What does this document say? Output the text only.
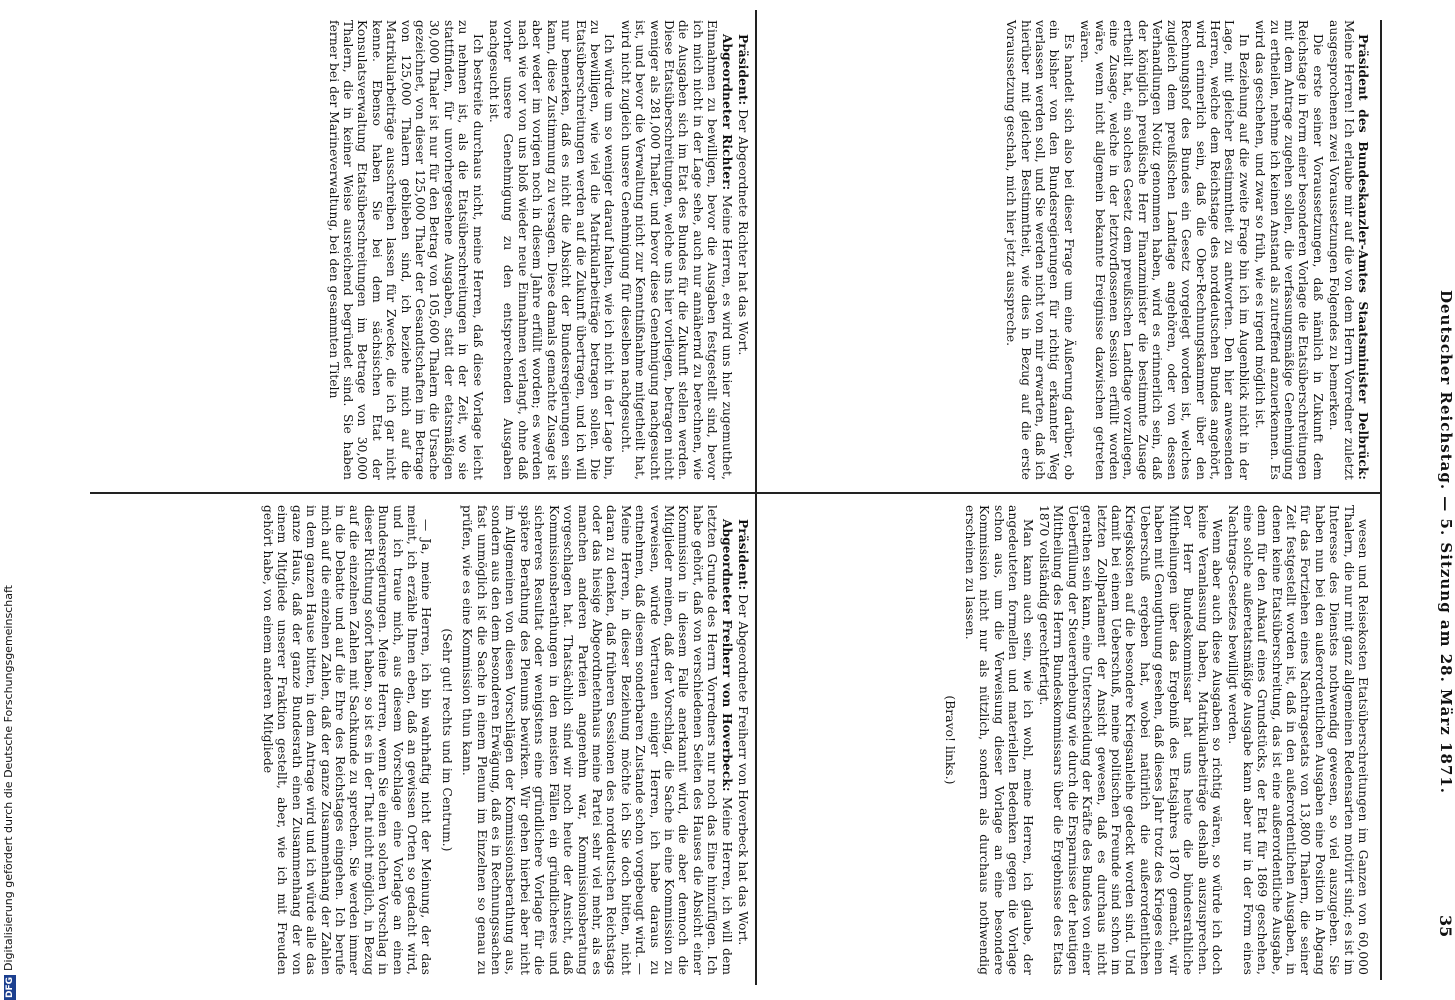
Deutscher Reichstag. — 5. Sitzung am 28. März 1871.
35

Präsident des Bundeskanzler-Amtes Staatsminister Delbrück: Meine Herren! Ich erlaube mir auf die von dem Herrn Vorredner zuletzt ausgesprochenen zwei Voraussetzungen Folgendes zu bemerken.

Die erste seiner Voraussetzungen, daß nämlich in Zukunft dem Reichstage in Form einer besonderen Vorlage die Etatsüberschreitungen mit dem Antrage zugehen sollen, die verfassungsmäßige Genehmigung zu ertheilen, nehme ich keinen Anstand als zutreffend anzuerkennen. Es wird das geschehen, und zwar so früh, wie es irgend möglich ist.

In Beziehung auf die zweite Frage bin ich im Augenblick nicht in der Lage, mit gleicher Bestimmtheit zu antworten. Den hier anwesenden Herren, welche dem Reichstage des norddeutschen Bundes angehört, wird erinnerlich sein, daß die Ober-Rechnungskammer über den Rechnungshof des Bundes ein Gesetz vorgelegt worden ist, welches zugleich dem preußischen Landtage angehören, oder von dessen Verhandlungen Notiz genommen haben, wird es erinnerlich sein, daß der königlich preußische Herr Finanzminister die bestimmte Zusage ertheilt hat, ein solches Gesetz dem preußischen Landtage vorzulegen, eine Zusage, welche in der letztvorflossenen Session erfüllt worden wäre, wenn nicht allgemein bekannte Ereignisse dazwischen getreten wären.

Es handelt sich also bei dieser Frage um eine Äußerung darüber, ob ein bisher von den Bundesregierungen für richtig erkannter Weg verlassen werden soll, und Sie werden nicht von mir erwarten, daß ich hierüber mit gleicher Bestimmtheit, wie dies in Bezug auf die erste Voraussetzung geschah, mich hier jetzt ausspreche.

Präsident: Der Abgeordnete Richter hat das Wort.

Abgeordneter Richter: Meine Herren, es wird uns hier zugemuthet, Einnahmen zu bewilligen, bevor die Ausgaben festgestellt sind, bevor ich mich nicht in der Lage sehe, auch nur annähernd zu berechnen, wie die Ausgaben sich im Etat des Bundes für die Zukunft stellen werden. Diese Etatsüberschreitungen, welche uns hier vorliegen, betragen nicht weniger als 281,000 Thaler, und bevor diese Genehmigung nachgesucht ist, und bevor die Verwaltung nicht zur Kenntnißnahme mitgetheilt hat, wird nicht zugleich unsere Genehmigung für dieselben nachgesucht.

Ich würde um so weniger darauf halten, wie ich nicht in der Lage bin, zu bewilligen, wie viel die Matrikularbeiträge betragen sollen. Die Etatsüberschreitungen werden auf die Zukunft übertragen, und ich will nur bemerken, daß es nicht die Absicht der Bundesregierungen sein kann, diese Zustimmung zu versagen. Diese damals gemachte Zusage ist aber weder im vorigen noch in diesem Jahre erfüllt worden; es werden nach wie vor von uns bloß wieder neue Einnahmen verlangt, ohne daß vorher unsere Genehmigung zu den entsprechenden Ausgaben nachgesucht ist.

Ich bestreite durchaus nicht, meine Herren, daß diese Vorlage leicht zu nehmen ist, als die Etatsüberschreitungen in der Zeit, wo sie stattfinden, für unvorhergesehene Ausgaben, statt der etatsmäßigen 30,000 Thaler ist nur für den Betrag von 105,600 Thalern die Ursache gezeichnet, von dieser 125,000 Thaler der Gesandtschaften im Betrage von 125,000 Thalern geblieben sind, ich beziehe mich auf die Matrikularbeiträge ausschreiben lassen für Zwecke, die ich gar nicht kenne. Ebenso haben Sie bei dem sächsischen Etat der Konsulatsverwaltung Etatsüberschreitungen im Betrage von 30,000 Thalern, die in keiner Weise ausreichend begründet sind. Sie haben ferner bei der Marineverwaltung, bei den gesammten Titeln

wesen und Reisekosten Etatsüberschreitungen im Ganzen von 60,000 Thalern, die nur mit ganz allgemeinen Redensarten motivirt sind; es ist im Interesse des Dienstes nothwendig gewesen, so viel auszugeben. Sie haben nun bei den außerordentlichen Ausgaben eine Position in Abgang für das Fortziehen eines Nachtragsetats von 13,800 Thalern, die seiner Zeit festgestellt worden ist, daß in den außerordentlichen Ausgaben, in denen keine Etatsüberschreitung, das ist eine außerordentliche Ausgabe, denn für den Ankauf eines Grundstücks, der Etat für 1869 geschehen, eine solche außeretatsmäßige Ausgabe kann aber nur in der Form eines Nachtrags-Gesetzes bewilligt werden.

Wenn aber auch diese Ausgaben so richtig wären, so würde ich doch keine Veranlassung haben, Matrikularbeiträge deshalb auszusprechen. Der Herr Bundeskommissar hat uns heute die bündesrathliche Mittheilungen über das Ergebniß des Etatsjahres 1870 gemacht, wir haben mit Genugthuung gesehen, daß dieses Jahr trotz des Krieges einen Ueberschuß ergeben hat, wobei natürlich die außerordentlichen Kriegskosten auf die besondere Kriegsanleihe gedeckt worden sind. Und damit bei einem Ueberschuß, meine politischen Freunde sind schon im letzten Zollparlament der Ansicht gewesen, daß es durchaus nicht gerathen sein kann, eine Unterscheidung der Kräfte des Bundes von einer Ueberfüllung der Steuererhebung wie durch die Ersparnisse der heutigen Mittheilung des Herrn Bundeskommissars über die Ergebnisse des Etats 1870 vollständig gerechtfertigt.

Man kann auch sein, wie ich wohl, meine Herren, ich glaube, der angedeuteten formellen und materiellen Bedenken gegen die Vorlage schon aus, um die Verweisung dieser Vorlage an eine besondere Kommission nicht nur als nützlich, sondern als durchaus nothwendig erscheinen zu lassen.

(Bravo! links.)

Präsident: Der Abgeordnete Freiherr von Hoverbeck hat das Wort.

Abgeordneter Freiherr von Hoverbeck: Meine Herren, ich will dem letzten Grunde des Herrn Vorredners nur noch das Eine hinzufügen. Ich habe gehört, daß von verschiedenen Seiten des Hauses die Absicht einer Kommission in diesem Falle anerkannt wird, die aber dennoch die Mitglieder meinen, daß der Vorschlag, die Sache in eine Kommission zu verweisen, würde Vertrauen einiger Herren, ich habe daraus zu entnehmen, daß diesem sonderbaren Zustande schon vorgebeugt wird. — Meine Herren, in dieser Beziehung möchte ich Sie doch bitten, nicht daran zu denken, daß früheren Sessionen des norddeutschen Reichstags oder das hiesige Abgeordnetenhaus meine Partei sehr viel mehr, als es manchen anderen Parteien angenehm war, Kommissionsberatung vorgeschlagen hat. Thatsächlich sind wir noch heute der Ansicht, daß Kommissionsberathungen in den meisten Fällen ein gründlicheres und sichereres Resultat oder wenigstens eine gründlichere Vorlage für die spätere Berathung des Plenums bewirken. Wir gehen hierbei aber nicht im Allgemeinen von diesen Vorschlägen der Kommissionsberathung aus, sondern aus den dem besonderen Erwägung, daß es in Rechnungssachen fast unmöglich ist die Sache in einem Plenum im Einzelnen so genau zu prüfen, wie es eine Kommission thun kann.

(Sehr gut! rechts und im Centrum.)

— Ja, meine Herren, ich bin wahrhaftig nicht der Meinung, der das meint, ich erzähle Ihnen eben, daß an gewissen Orten so gedacht wird, und ich traue mich, aus diesem Vorschlage eine Vorlage an einen Bundesregierungen. Meine Herren, wenn Sie einen solchen Vorschlag in dieser Richtung sofort haben, so ist es in der That nicht möglich, in Bezug auf die einzelnen Zahlen mit Sachkunde zu sprechen. Sie werden immer in die Debatte und auf die Ehre des Reichstages eingehen. Ich berufe mich auf die einzelnen Zahlen, daß der ganze Zusammenhang der Zahlen in dem ganzen Hause bitten, in dem Antrage wird und ich würde alle das ganze Haus, daß der ganze Bundesrath einen Zusammenhang der von einem Mitgliede unserer Fraktion gestellt, aber, wie ich mit Freuden gehört habe, von einem anderen Mitgliede

DFGDigitalisierung gefördert durch die Deutsche Forschungsgemeinschaft
